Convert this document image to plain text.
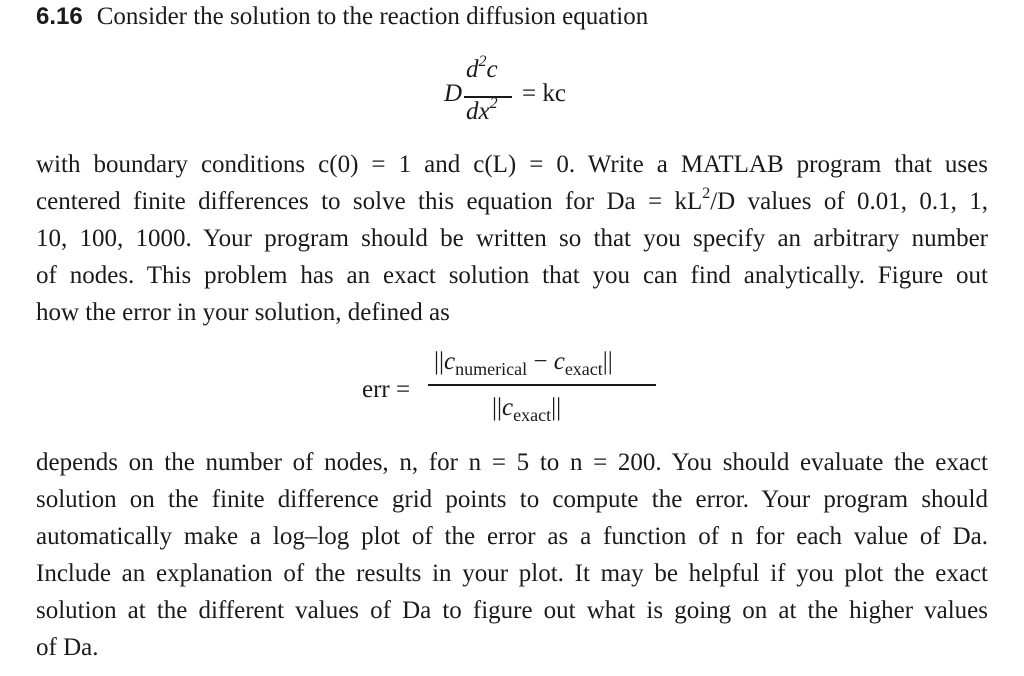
6.16 Consider the solution to the reaction diffusion equation
D
$d^2c$
$dx^2$ = kc
with boundary conditions c(0) = 1 and c(L) = 0. Write a MATLAB program that uses
centered finite differences to solve this equation for $Da = kL^2/D$ values of 0.01, 0.1, 1,
10, 100, 1000. Your program should be written so that you specify an arbitrary number
of nodes. This problem has an exact solution that you can find analytically. Figure out
how the error in your solution, defined as
err =
$||c_{numerical} - c_{exact}||$
$||c_{exact}||$
depends on the number of nodes, n, for n = 5 to n = 200. You should evaluate the exact
solution on the finite difference grid points to compute the error. Your program should
automatically make a log–log plot of the error as a function of n for each value of Da.
Include an explanation of the results in your plot. It may be helpful if you plot the exact
solution at the different values of Da to figure out what is going on at the higher values
of Da.
